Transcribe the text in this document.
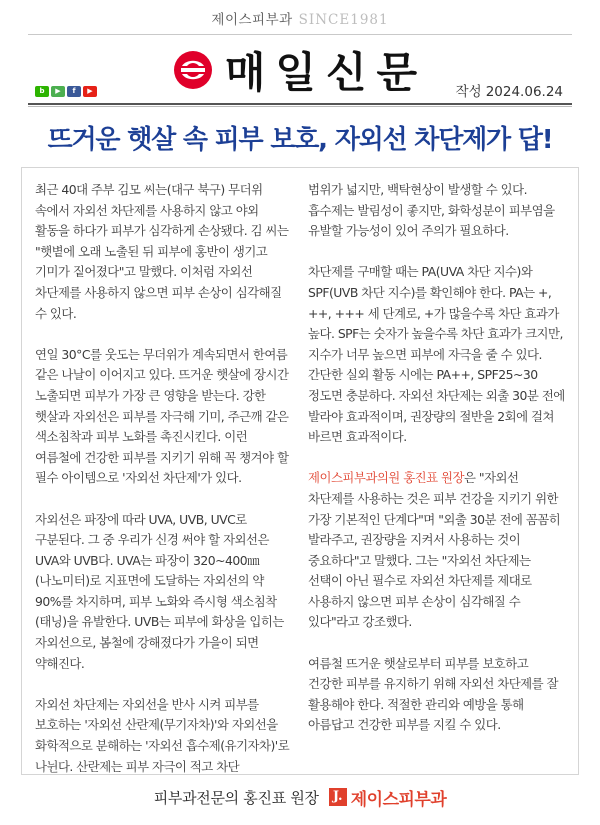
제이스피부과 SINCE1981
매일신문
b	▶	f	▶	작성 2024.06.24
뜨거운 햇살 속 피부 보호, 자외선 차단제가 답!

최근 40대 주부 김모 씨는(대구 북구) 무더위 속에서 자외선 차단제를 사용하지 않고 야외 활동을 하다가 피부가 심각하게 손상됐다. 김 씨는 "햇볕에 오래 노출된 뒤 피부에 홍반이 생기고 기미가 짙어졌다"고 말했다. 이처럼 자외선 차단제를 사용하지 않으면 피부 손상이 심각해질 수 있다.

연일 30°C를 웃도는 무더위가 계속되면서 한여름 같은 나날이 이어지고 있다. 뜨거운 햇살에 장시간 노출되면 피부가 가장 큰 영향을 받는다. 강한 햇살과 자외선은 피부를 자극해 기미, 주근깨 같은 색소침착과 피부 노화를 촉진시킨다. 이런 여름철에 건강한 피부를 지키기 위해 꼭 챙겨야 할 필수 아이템으로 '자외선 차단제'가 있다.

자외선은 파장에 따라 UVA, UVB, UVC로 구분된다. 그 중 우리가 신경 써야 할 자외선은 UVA와 UVB다. UVA는 파장이 320~400㎚(나노미터)로 지표면에 도달하는 자외선의 약 90%를 차지하며, 피부 노화와 즉시형 색소침착(태닝)을 유발한다. UVB는 피부에 화상을 입히는 자외선으로, 봄철에 강해졌다가 가을이 되면 약해진다.

자외선 차단제는 자외선을 반사 시켜 피부를 보호하는 '자외선 산란제(무기자차)'와 자외선을 화학적으로 분해하는 '자외선 흡수제(유기자차)'로 나뉜다. 산란제는 피부 자극이 적고 차단

범위가 넓지만, 백탁현상이 발생할 수 있다. 흡수제는 발림성이 좋지만, 화학성분이 피부염을 유발할 가능성이 있어 주의가 필요하다.

차단제를 구매할 때는 PA(UVA 차단 지수)와 SPF(UVB 차단 지수)를 확인해야 한다. PA는 +, ++, +++ 세 단계로, +가 많을수록 차단 효과가 높다. SPF는 숫자가 높을수록 차단 효과가 크지만, 지수가 너무 높으면 피부에 자극을 줄 수 있다. 간단한 실외 활동 시에는 PA++, SPF25~30 정도면 충분하다. 자외선 차단제는 외출 30분 전에 발라야 효과적이며, 권장량의 절반을 2회에 걸쳐 바르면 효과적이다.

제이스피부과의원 홍진표 원장은 "자외선 차단제를 사용하는 것은 피부 건강을 지키기 위한 가장 기본적인 단계다"며 "외출 30분 전에 꼼꼼히 발라주고, 권장량을 지켜서 사용하는 것이 중요하다"고 말했다. 그는 "자외선 차단제는 선택이 아닌 필수로 자외선 차단제를 제대로 사용하지 않으면 피부 손상이 심각해질 수 있다"라고 강조했다.

여름철 뜨거운 햇살로부터 피부를 보호하고 건강한 피부를 유지하기 위해 자외선 차단제를 잘 활용해야 한다. 적절한 관리와 예방을 통해 아름답고 건강한 피부를 지킬 수 있다.

피부과전문의 홍진표 원장	J. 제이스피부과
